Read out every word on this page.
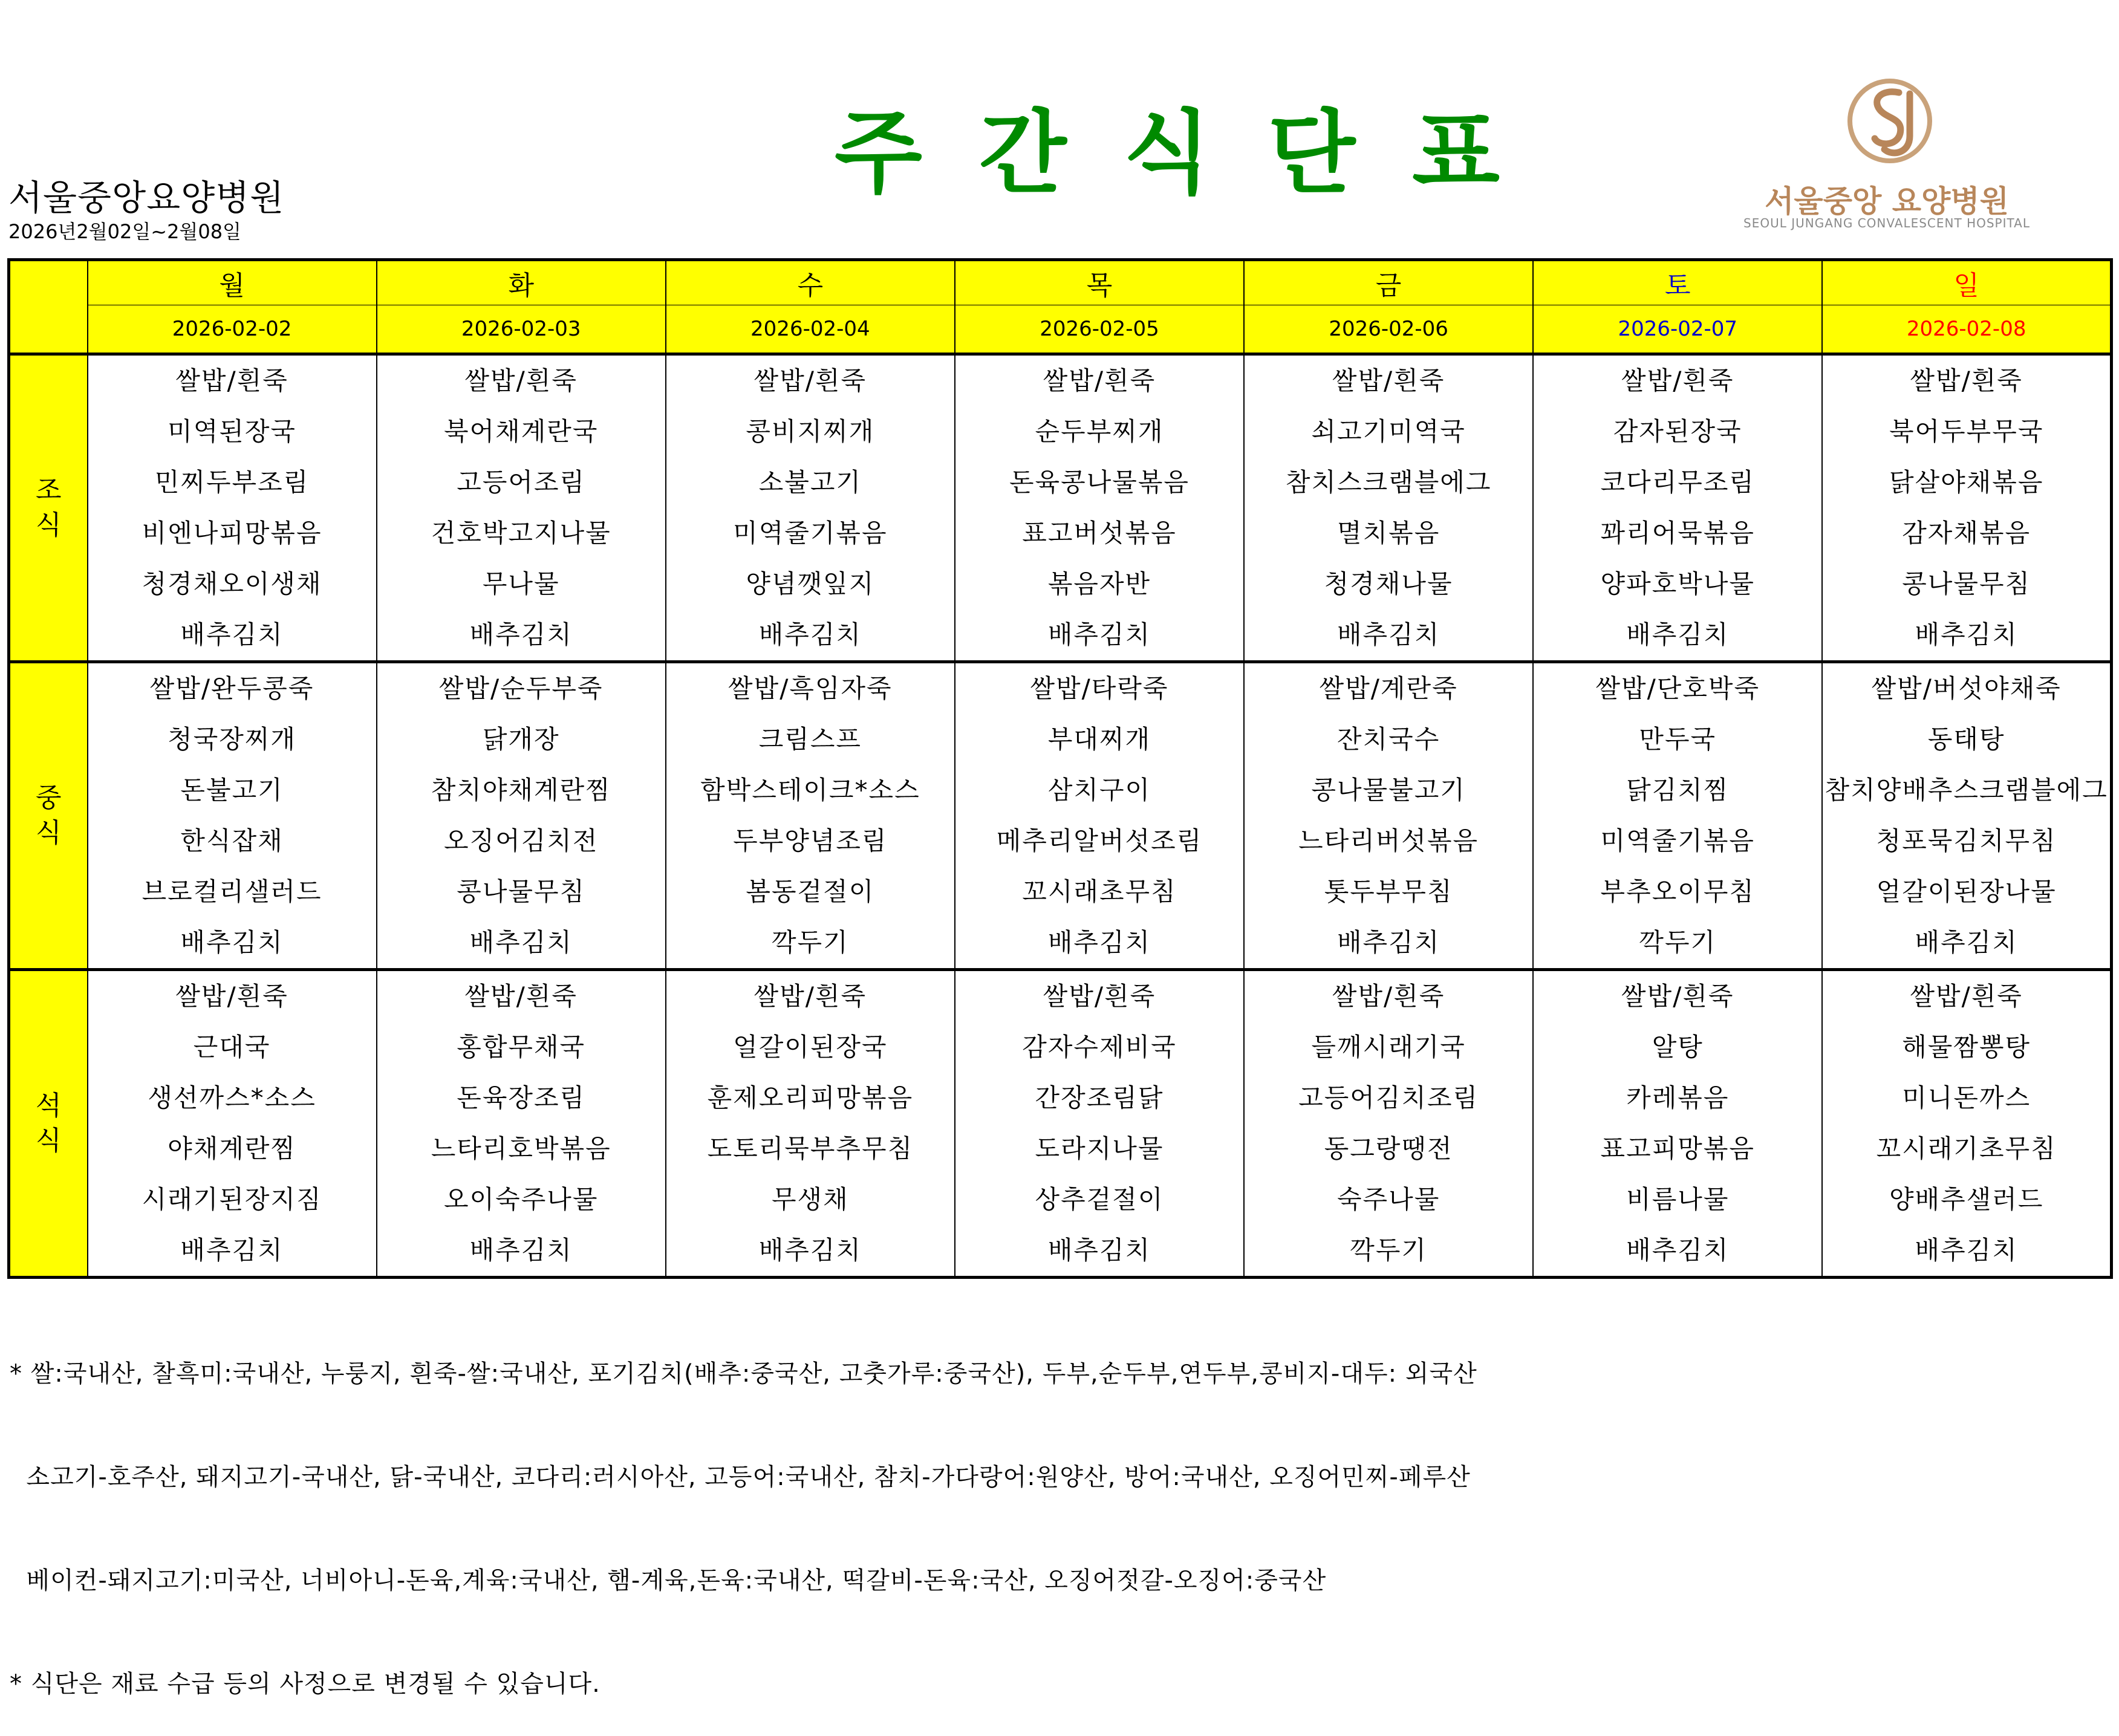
주 간 식 단 표
서울중앙요양병원
2026년2월02일~2월08일
서울중앙 요양병원
SEOUL JUNGANG CONVALESCENT HOSPITAL
	월	화	수	목	금	토	일
	2026-02-02	2026-02-03	2026-02-04	2026-02-05	2026-02-06	2026-02-07	2026-02-08

조
식	쌀밥/흰죽	쌀밥/흰죽	쌀밥/흰죽	쌀밥/흰죽	쌀밥/흰죽	쌀밥/흰죽	쌀밥/흰죽
	미역된장국	북어채계란국	콩비지찌개	순두부찌개	쇠고기미역국	감자된장국	북어두부무국
	민찌두부조림	고등어조림	소불고기	돈육콩나물볶음	참치스크램블에그	코다리무조림	닭살야채볶음
	비엔나피망볶음	건호박고지나물	미역줄기볶음	표고버섯볶음	멸치볶음	꽈리어묵볶음	감자채볶음
	청경채오이생채	무나물	양념깻잎지	볶음자반	청경채나물	양파호박나물	콩나물무침
	배추김치	배추김치	배추김치	배추김치	배추김치	배추김치	배추김치

중
식	쌀밥/완두콩죽	쌀밥/순두부죽	쌀밥/흑임자죽	쌀밥/타락죽	쌀밥/계란죽	쌀밥/단호박죽	쌀밥/버섯야채죽
	청국장찌개	닭개장	크림스프	부대찌개	잔치국수	만두국	동태탕
	돈불고기	참치야채계란찜	함박스테이크*소스	삼치구이	콩나물불고기	닭김치찜	참치양배추스크램블에그
	한식잡채	오징어김치전	두부양념조림	메추리알버섯조림	느타리버섯볶음	미역줄기볶음	청포묵김치무침
	브로컬리샐러드	콩나물무침	봄동겉절이	꼬시래초무침	톳두부무침	부추오이무침	얼갈이된장나물
	배추김치	배추김치	깍두기	배추김치	배추김치	깍두기	배추김치

석
식	쌀밥/흰죽	쌀밥/흰죽	쌀밥/흰죽	쌀밥/흰죽	쌀밥/흰죽	쌀밥/흰죽	쌀밥/흰죽
	근대국	홍합무채국	얼갈이된장국	감자수제비국	들깨시래기국	알탕	해물짬뽕탕
	생선까스*소스	돈육장조림	훈제오리피망볶음	간장조림닭	고등어김치조림	카레볶음	미니돈까스
	야채계란찜	느타리호박볶음	도토리묵부추무침	도라지나물	동그랑땡전	표고피망볶음	꼬시래기초무침
	시래기된장지짐	오이숙주나물	무생채	상추겉절이	숙주나물	비름나물	양배추샐러드
	배추김치	배추김치	배추김치	배추김치	깍두기	배추김치	배추김치

* 쌀:국내산, 찰흑미:국내산, 누룽지, 흰죽-쌀:국내산, 포기김치(배추:중국산, 고춧가루:중국산), 두부,순두부,연두부,콩비지-대두: 외국산

소고기-호주산, 돼지고기-국내산, 닭-국내산, 코다리:러시아산, 고등어:국내산, 참치-가다랑어:원양산, 방어:국내산, 오징어민찌-페루산

베이컨-돼지고기:미국산, 너비아니-돈육,계육:국내산, 햄-계육,돈육:국내산, 떡갈비-돈육:국산, 오징어젓갈-오징어:중국산

* 식단은 재료 수급 등의 사정으로 변경될 수 있습니다.
